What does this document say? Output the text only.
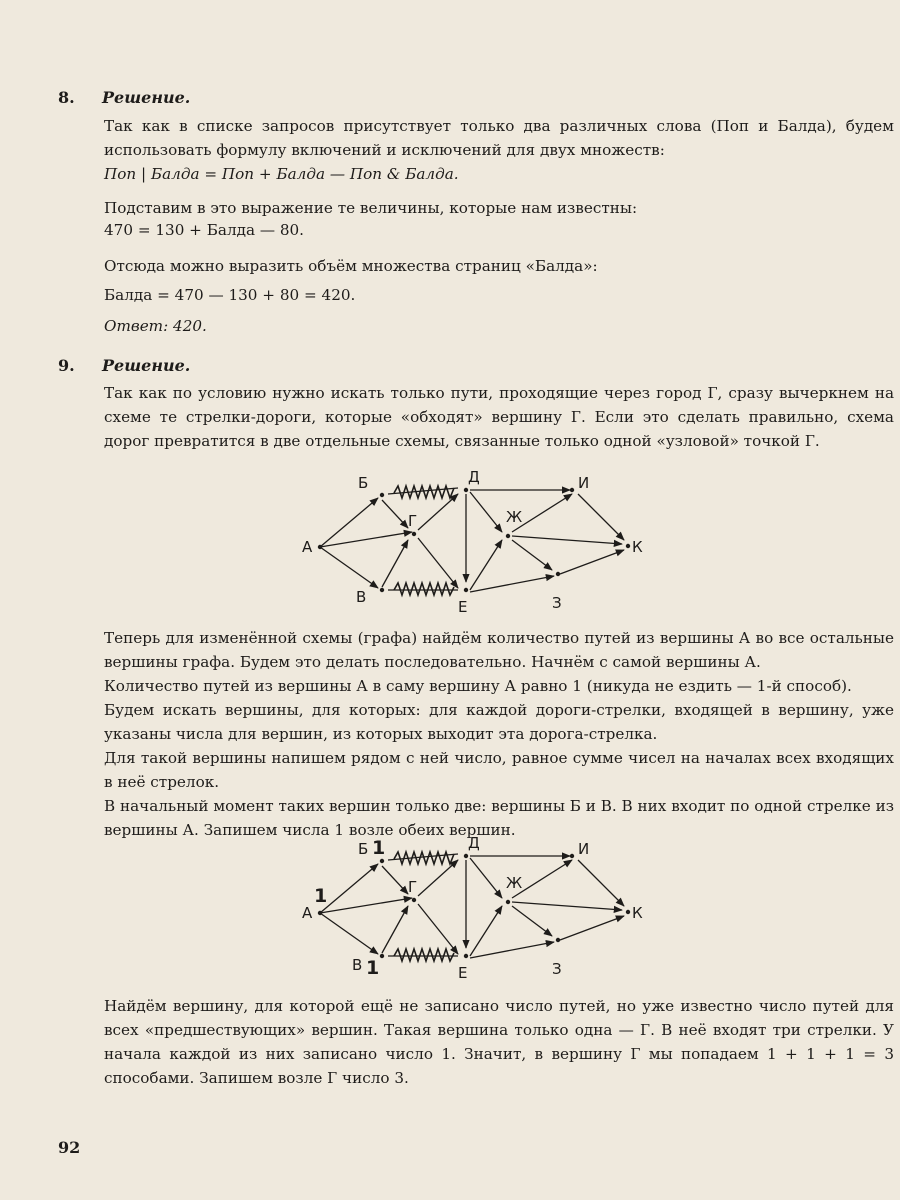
8. Решение.
Так как в списке запросов присутствует только два различных слова (Поп и Балда), будем использовать формулу включений и исключений для двух множеств:
Поп | Балда = Поп + Балда — Поп & Балда.
Подставим в это выражение те величины, которые нам известны:
470 = 130 + Балда — 80.
Отсюда можно выразить объём множества страниц «Балда»:
Балда = 470 — 130 + 80 = 420.
Ответ: 420.
9. Решение.
Так как по условию нужно искать только пути, проходящие через город Г, сразу вычеркнем на схеме те стрелки-дороги, которые «обходят» вершину Г. Если это сделать правильно, схема дорог превратится в две отдельные схемы, связанные только одной «узловой» точкой Г.
А
Б
В
Г
Д
Е
Ж
З
И
К
Теперь для изменённой схемы (графа) найдём количество путей из вершины А во все остальные вершины графа. Будем это делать последовательно. Начнём с самой вершины А.
Количество путей из вершины А в саму вершину А равно 1 (никуда не ездить — 1-й способ).
Будем искать вершины, для которых: для каждой дороги-стрелки, входящей в вершину, уже указаны числа для вершин, из которых выходит эта дорога-стрелка.
Для такой вершины напишем рядом с ней число, равное сумме чисел на началах всех входящих в неё стрелок.
В начальный момент таких вершин только две: вершины Б и В. В них входит по одной стрелке из вершины А. Запишем числа 1 возле обеих вершин.
А
Б
В
Г
Д
Е
Ж
З
И
К
1
1
1
Найдём вершину, для которой ещё не записано число путей, но уже известно число путей для всех «предшествующих» вершин. Такая вершина только одна — Г. В неё входят три стрелки. У начала каждой из них записано число 1. Значит, в вершину Г мы попадаем 1 + 1 + 1 = 3 способами. Запишем возле Г число 3.
92
